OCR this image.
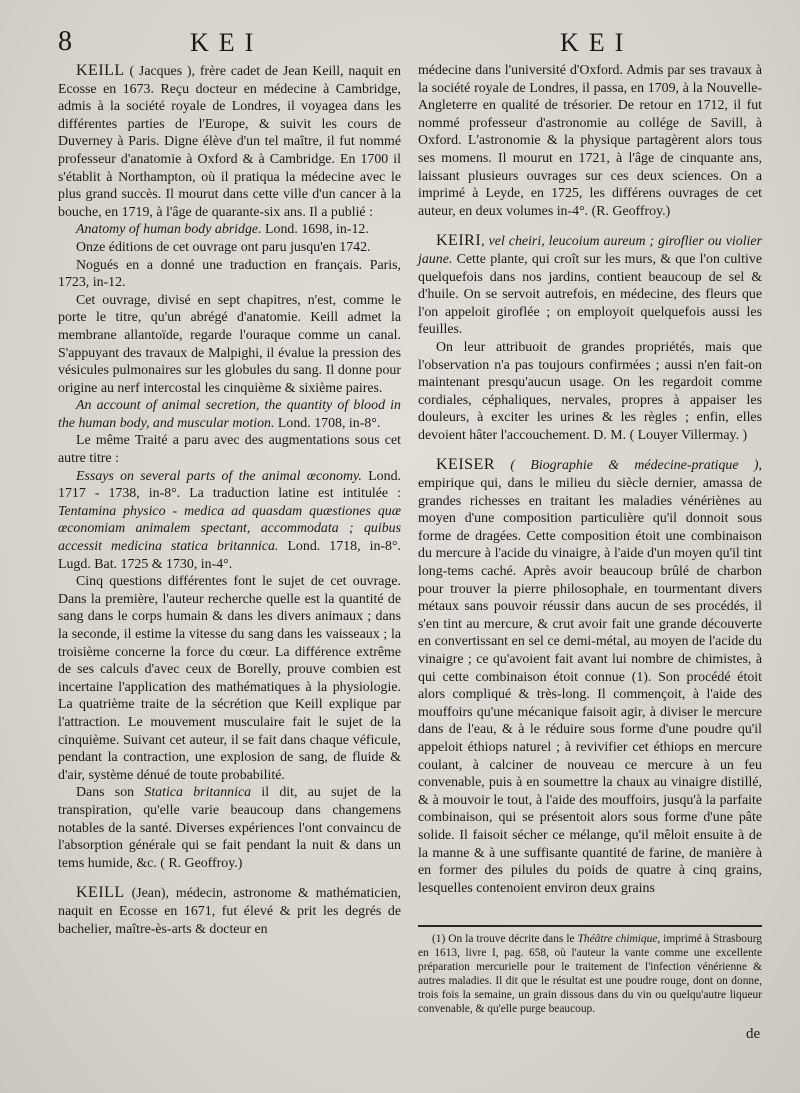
8	KEI	KEI

KEILL ( Jacques ), frère cadet de Jean Keill, naquit en Ecosse en 1673. Reçu docteur en médecine à Cambridge, admis à la société royale de Londres, il voyagea dans les différentes parties de l'Europe, & suivit les cours de Duverney à Paris. Digne élève d'un tel maître, il fut nommé professeur d'anatomie à Oxford & à Cambridge. En 1700 il s'établit à Northampton, où il pratiqua la médecine avec le plus grand succès. Il mourut dans cette ville d'un cancer à la bouche, en 1719, à l'âge de quarante-six ans. Il a publié :

Anatomy of human body abridge. Lond. 1698, in-12.

Onze éditions de cet ouvrage ont paru jusqu'en 1742.

Nogués en a donné une traduction en français. Paris, 1723, in-12.

Cet ouvrage, divisé en sept chapitres, n'est, comme le porte le titre, qu'un abrégé d'anatomie. Keill admet la membrane allantoïde, regarde l'ouraque comme un canal. S'appuyant des travaux de Malpighi, il évalue la pression des vésicules pulmonaires sur les globules du sang. Il donne pour origine au nerf intercostal les cinquième & sixième paires.

An account of animal secretion, the quantity of blood in the human body, and muscular motion. Lond. 1708, in-8°.

Le même Traité a paru avec des augmentations sous cet autre titre :

Essays on several parts of the animal œconomy. Lond. 1717 - 1738, in-8°. La traduction latine est intitulée : Tentamina physico - medica ad quasdam quæstiones quæ œconomiam animalem spectant, accommodata ; quibus accessit medicina statica britannica. Lond. 1718, in-8°. Lugd. Bat. 1725 & 1730, in-4°.

Cinq questions différentes font le sujet de cet ouvrage. Dans la première, l'auteur recherche quelle est la quantité de sang dans le corps humain & dans les divers animaux ; dans la seconde, il estime la vitesse du sang dans les vaisseaux ; la troisième concerne la force du cœur. La différence extrême de ses calculs d'avec ceux de Borelly, prouve combien est incertaine l'application des mathématiques à la physiologie. La quatrième traite de la sécrétion que Keill explique par l'attraction. Le mouvement musculaire fait le sujet de la cinquième. Suivant cet auteur, il se fait dans chaque véficule, pendant la contraction, une explosion de sang, de fluide & d'air, système dénué de toute probabilité.

Dans son Statica britannica il dit, au sujet de la transpiration, qu'elle varie beaucoup dans changemens notables de la santé. Diverses expériences l'ont convaincu de l'absorption générale qui se fait pendant la nuit & dans un tems humide, &c. ( R. Geoffroy.)

KEILL (Jean), médecin, astronome & mathématicien, naquit en Ecosse en 1671, fut élevé & prit les degrés de bachelier, maître-ès-arts & docteur en

médecine dans l'université d'Oxford. Admis par ses travaux à la société royale de Londres, il passa, en 1709, à la Nouvelle-Angleterre en qualité de trésorier. De retour en 1712, il fut nommé professeur d'astronomie au collége de Savill, à Oxford. L'astronomie & la physique partagèrent alors tous ses momens. Il mourut en 1721, à l'âge de cinquante ans, laissant plusieurs ouvrages sur ces deux sciences. On a imprimé à Leyde, en 1725, les différens ouvrages de cet auteur, en deux volumes in-4°. (R. Geoffroy.)

KEIRI, vel cheiri, leucoium aureum ; giroflier ou violier jaune. Cette plante, qui croît sur les murs, & que l'on cultive quelquefois dans nos jardins, contient beaucoup de sel & d'huile. On se servoit autrefois, en médecine, des fleurs que l'on appeloit giroflée ; on employoit quelquefois aussi les feuilles.

On leur attribuoit de grandes propriétés, mais que l'observation n'a pas toujours confirmées ; aussi n'en fait-on maintenant presqu'aucun usage. On les regardoit comme cordiales, céphaliques, nervales, propres à appaiser les douleurs, à exciter les urines & les règles ; enfin, elles devoient hâter l'accouchement. D. M. ( Louyer Villermay. )

KEISER ( Biographie & médecine-pratique ), empirique qui, dans le milieu du siècle dernier, amassa de grandes richesses en traitant les maladies vénériènes au moyen d'une composition particulière qu'il donnoit sous forme de dragées. Cette composition étoit une combinaison du mercure à l'acide du vinaigre, à l'aide d'un moyen qu'il tint long-tems caché. Après avoir beaucoup brûlé de charbon pour trouver la pierre philosophale, en tourmentant divers métaux sans pouvoir réussir dans aucun de ses procédés, il s'en tint au mercure, & crut avoir fait une grande découverte en convertissant en sel ce demi-métal, au moyen de l'acide du vinaigre ; ce qu'avoient fait avant lui nombre de chimistes, à qui cette combinaison étoit connue (1). Son procédé étoit alors compliqué & très-long. Il commençoit, à l'aide des mouffoirs qu'une mécanique faisoit agir, à diviser le mercure dans de l'eau, & à le réduire sous forme d'une poudre qu'il appeloit éthiops naturel ; à revivifier cet éthiops en mercure coulant, à calciner de nouveau ce mercure à un feu convenable, puis à en soumettre la chaux au vinaigre distillé, & à mouvoir le tout, à l'aide des mouffoirs, jusqu'à la parfaite combinaison, qui se présentoit alors sous forme d'une pâte solide. Il faisoit sécher ce mélange, qu'il mêloit ensuite à de la manne & à une suffisante quantité de farine, de manière à en former des pilules du poids de quatre à cinq grains, lesquelles contenoient environ deux grains

(1) On la trouve décrite dans le Théâtre chimique, imprimé à Strasbourg en 1613, livre I, pag. 658, où l'auteur la vante comme une excellente préparation mercurielle pour le traitement de l'infection vénérienne & autres maladies. Il dit que le résultat est une poudre rouge, dont on donne, trois fois la semaine, un grain dissous dans du vin ou quelqu'autre liqueur convenable, & qu'elle purge beaucoup.

de
